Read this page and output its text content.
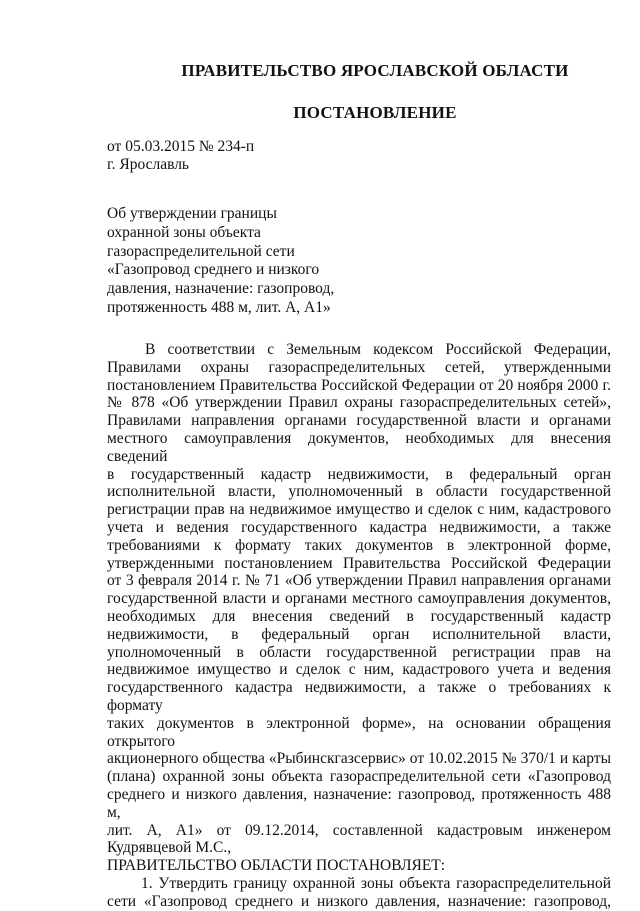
ПРАВИТЕЛЬСТВО ЯРОСЛАВСКОЙ ОБЛАСТИ
ПОСТАНОВЛЕНИЕ
от 05.03.2015 № 234-п
г. Ярославль
Об утверждении границы
охранной зоны объекта
газораспределительной сети
«Газопровод среднего и низкого
давления, назначение: газопровод,
протяженность 488 м, лит. А, А1»
В соответствии с Земельным кодексом Российской Федерации,
Правилами охраны газораспределительных сетей, утвержденными
постановлением Правительства Российской Федерации от 20 ноября 2000 г.
№ 878 «Об утверждении Правил охраны газораспределительных сетей»,
Правилами направления органами государственной власти и органами
местного самоуправления документов, необходимых для внесения сведений
в государственный кадастр недвижимости, в федеральный орган
исполнительной власти, уполномоченный в области государственной
регистрации прав на недвижимое имущество и сделок с ним, кадастрового
учета и ведения государственного кадастра недвижимости, а также
требованиями к формату таких документов в электронной форме,
утвержденными постановлением Правительства Российской Федерации
от 3 февраля 2014 г. № 71 «Об утверждении Правил направления органами
государственной власти и органами местного самоуправления документов,
необходимых для внесения сведений в государственный кадастр
недвижимости, в федеральный орган исполнительной власти,
уполномоченный в области государственной регистрации прав на
недвижимое имущество и сделок с ним, кадастрового учета и ведения
государственного кадастра недвижимости, а также о требованиях к формату
таких документов в электронной форме», на основании обращения открытого
акционерного общества «Рыбинскгазсервис» от 10.02.2015 № 370/1 и карты
(плана) охранной зоны объекта газораспределительной сети «Газопровод
среднего и низкого давления, назначение: газопровод, протяженность 488 м,
лит. А, А1» от 09.12.2014, составленной кадастровым инженером
Кудрявцевой М.С.,
ПРАВИТЕЛЬСТВО ОБЛАСТИ ПОСТАНОВЛЯЕТ:
1. Утвердить границу охранной зоны объекта газораспределительной
сети «Газопровод среднего и низкого давления, назначение: газопровод,
